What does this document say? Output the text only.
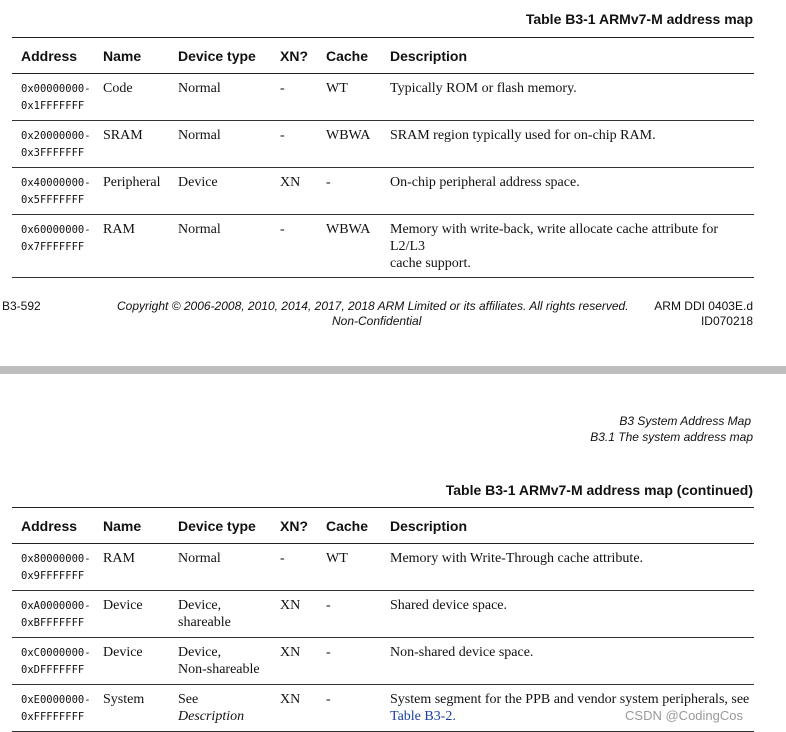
Table B3-1 ARMv7-M address map
Address	Name	Device type	XN?	Cache	Description

0x00000000-
0x1FFFFFFF	Code	Normal	-	WT	Typically ROM or flash memory.

0x20000000-
0x3FFFFFFF	SRAM	Normal	-	WBWA	SRAM region typically used for on-chip RAM.

0x40000000-
0x5FFFFFFF	Peripheral	Device	XN	-	On-chip peripheral address space.

0x60000000-
0x7FFFFFFF	RAM	Normal	-	WBWA	Memory with write-back, write allocate cache attribute for L2/L3
cache support.
B3-592	Copyright © 2006-2008, 2010, 2014, 2017, 2018 ARM Limited or its affiliates. All rights reserved.
Non-Confidential
ARM DDI 0403E.d
ID070218
B3 System Address Map
B3.1 The system address map
Table B3-1 ARMv7-M address map (continued)
Address	Name	Device type	XN?	Cache	Description

0x80000000-
0x9FFFFFFF	RAM	Normal	-	WT	Memory with Write-Through cache attribute.

0xA0000000-
0xBFFFFFFF	Device	Device,
shareable	XN	-	Shared device space.

0xC0000000-
0xDFFFFFFF	Device	Device,
Non-shareable	XN	-	Non-shared device space.

0xE0000000-
0xFFFFFFFF	System	See
Description	XN	-	System segment for the PPB and vendor system peripherals, see
Table B3-2.	CSDN @CodingCos
